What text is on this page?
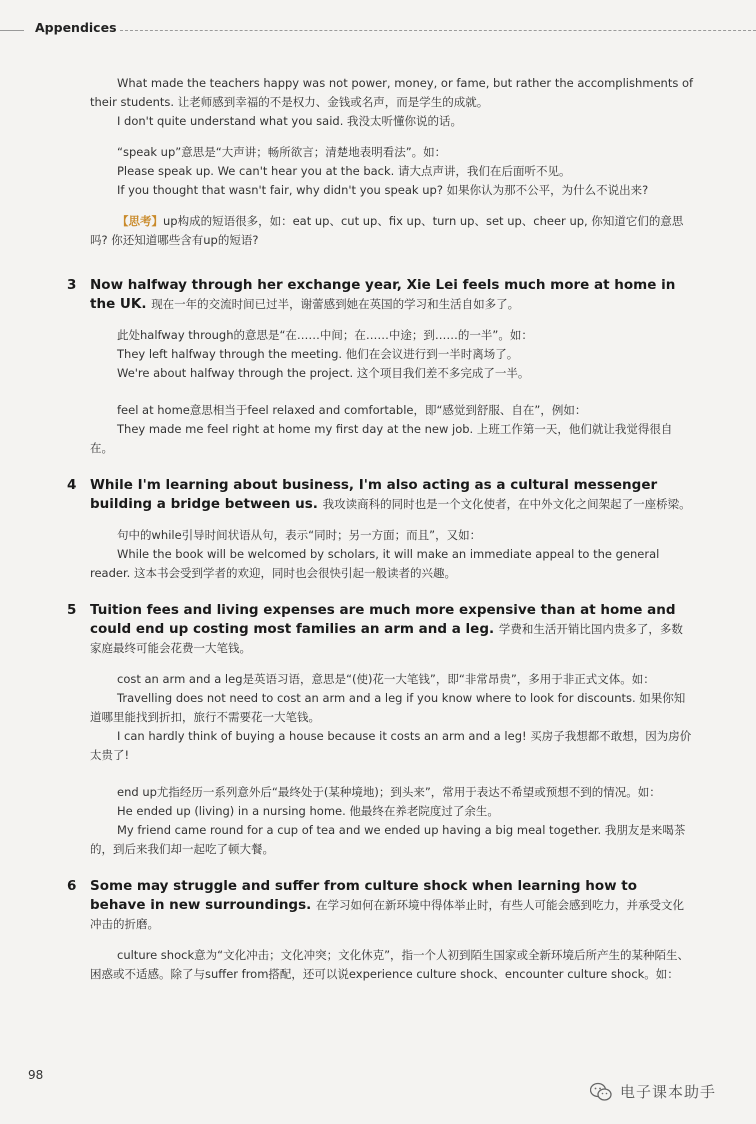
Appendices

What made the teachers happy was not power, money, or fame, but rather the accomplishments of their students. 让老师感到幸福的不是权力、金钱或名声，而是学生的成就。

I don't quite understand what you said. 我没太听懂你说的话。

“speak up”意思是“大声讲；畅所欲言；清楚地表明看法”。如：

Please speak up. We can't hear you at the back. 请大点声讲，我们在后面听不见。

If you thought that wasn't fair, why didn't you speak up? 如果你认为那不公平，为什么不说出来?

【思考】up构成的短语很多，如：eat up、cut up、fix up、turn up、set up、cheer up, 你知道它们的意思吗? 你还知道哪些含有up的短语?

3 Now halfway through her exchange year, Xie Lei feels much more at home in the UK. 现在一年的交流时间已过半，谢蕾感到她在英国的学习和生活自如多了。

此处halfway through的意思是“在……中间；在……中途；到……的一半”。如：

They left halfway through the meeting. 他们在会议进行到一半时离场了。

We're about halfway through the project. 这个项目我们差不多完成了一半。

feel at home意思相当于feel relaxed and comfortable，即“感觉到舒服、自在”，例如：

They made me feel right at home my first day at the new job. 上班工作第一天，他们就让我觉得很自在。

4 While I'm learning about business, I'm also acting as a cultural messenger building a bridge between us. 我攻读商科的同时也是一个文化使者，在中外文化之间架起了一座桥梁。

句中的while引导时间状语从句，表示“同时；另一方面；而且”，又如：

While the book will be welcomed by scholars, it will make an immediate appeal to the general reader. 这本书会受到学者的欢迎，同时也会很快引起一般读者的兴趣。

5 Tuition fees and living expenses are much more expensive than at home and could end up costing most families an arm and a leg. 学费和生活开销比国内贵多了，多数家庭最终可能会花费一大笔钱。

cost an arm and a leg是英语习语，意思是“(使)花一大笔钱”，即“非常昂贵”，多用于非正式文体。如：

Travelling does not need to cost an arm and a leg if you know where to look for discounts. 如果你知道哪里能找到折扣，旅行不需要花一大笔钱。

I can hardly think of buying a house because it costs an arm and a leg! 买房子我想都不敢想，因为房价太贵了!

end up尤指经历一系列意外后“最终处于(某种境地)；到头来”，常用于表达不希望或预想不到的情况。如：

He ended up (living) in a nursing home. 他最终在养老院度过了余生。

My friend came round for a cup of tea and we ended up having a big meal together. 我朋友是来喝茶的，到后来我们却一起吃了顿大餐。

6 Some may struggle and suffer from culture shock when learning how to behave in new surroundings. 在学习如何在新环境中得体举止时，有些人可能会感到吃力，并承受文化冲击的折磨。

culture shock意为“文化冲击；文化冲突；文化休克”，指一个人初到陌生国家或全新环境后所产生的某种陌生、困惑或不适感。除了与suffer from搭配，还可以说experience culture shock、encounter culture shock。如：

98
电子课本助手
